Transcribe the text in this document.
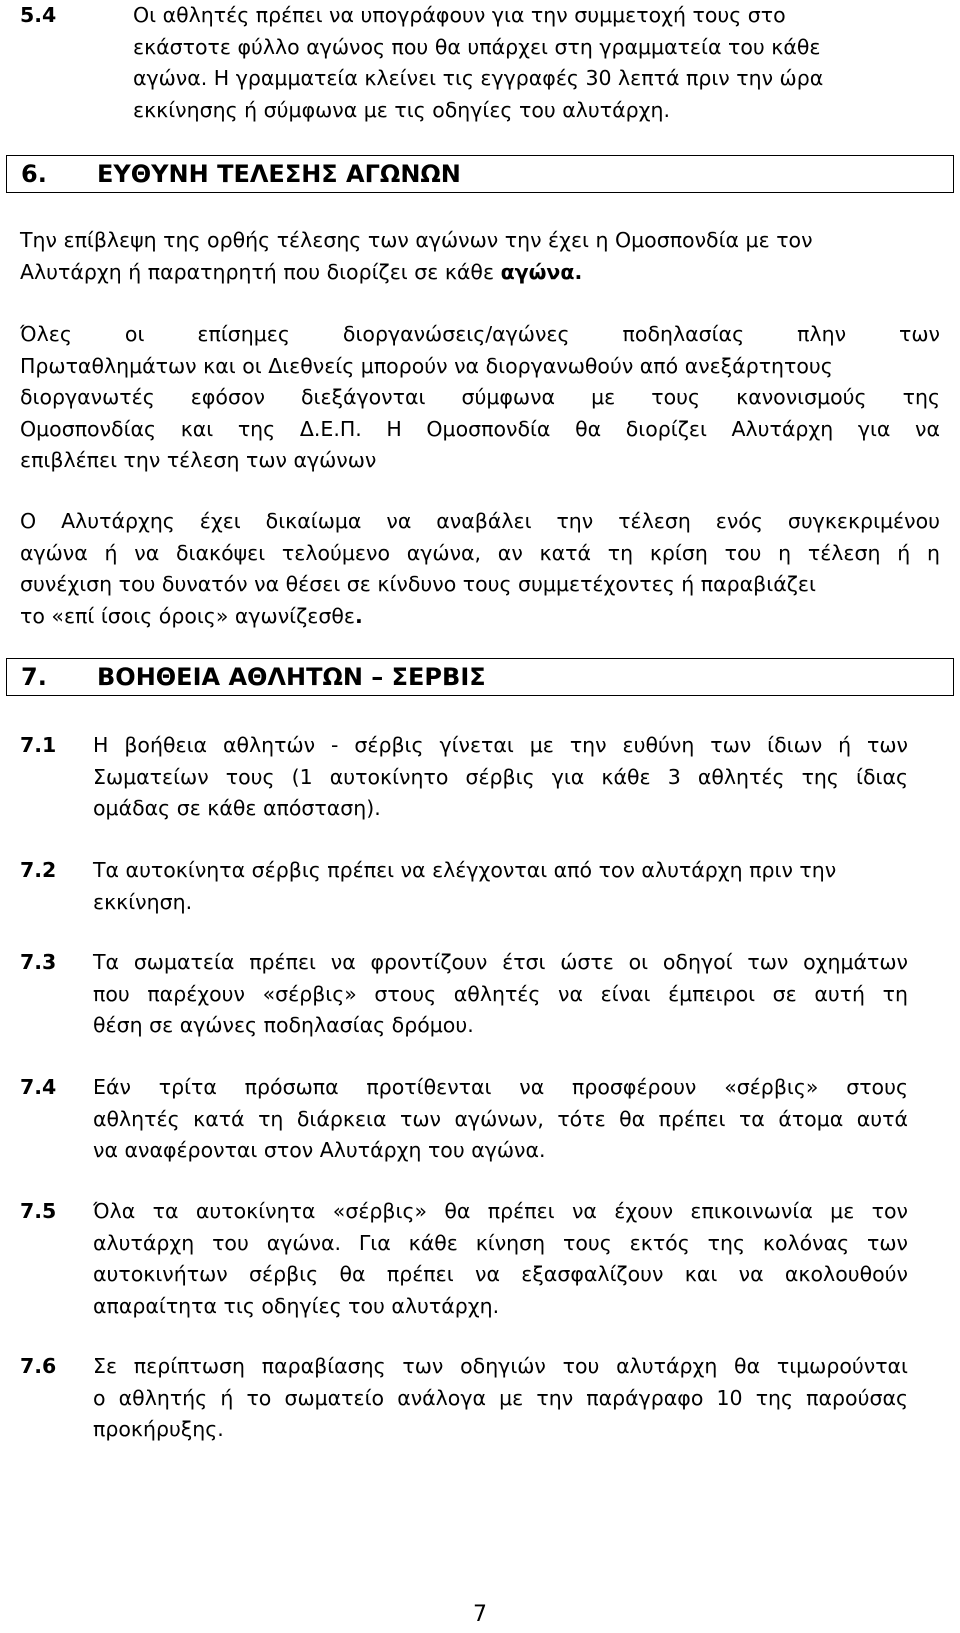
5.4	Οι αθλητές πρέπει να υπογράφουν για την συμμετοχή τους στο

εκάστοτε φύλλο αγώνος που θα υπάρχει στη γραμματεία του κάθε

αγώνα. Η γραμματεία κλείνει τις εγγραφές 30 λεπτά πριν την ώρα

εκκίνησης ή σύμφωνα με τις οδηγίες του αλυτάρχη.

6. ΕΥΘΥΝΗ ΤΕΛΕΣΗΣ ΑΓΩΝΩΝ
Την επίβλεψη της ορθής τέλεσης των αγώνων την έχει η Ομοσπονδία με τον
Αλυτάρχη ή παρατηρητή που διορίζει σε κάθε αγώνα.
Όλες οι επίσημες διοργανώσεις/αγώνες ποδηλασίας πλην των
Πρωταθλημάτων και οι Διεθνείς μπορούν να διοργανωθούν από ανεξάρτητους
διοργανωτές εφόσον διεξάγονται σύμφωνα με τους κανονισμούς της
Ομοσπονδίας και της Δ.Ε.Π. Η Ομοσπονδία θα διορίζει Αλυτάρχη για να
επιβλέπει την τέλεση των αγώνων
Ο Αλυτάρχης έχει δικαίωμα να αναβάλει την τέλεση ενός συγκεκριμένου
αγώνα ή να διακόψει τελούμενο αγώνα, αν κατά τη κρίση του η τέλεση ή η
συνέχιση του δυνατόν να θέσει σε κίνδυνο τους συμμετέχοντες ή παραβιάζει
το «επί ίσοις όροις» αγωνίζεσθε.
7. ΒΟΗΘΕΙΑ ΑΘΛΗΤΩΝ – ΣΕΡΒΙΣ
7.1 Η βοήθεια αθλητών - σέρβις γίνεται με την ευθύνη των ίδιων ή των
Σωματείων τους (1 αυτοκίνητο σέρβις για κάθε 3 αθλητές της ίδιας
ομάδας σε κάθε απόσταση).
7.2 Τα αυτοκίνητα σέρβις πρέπει να ελέγχονται από τον αλυτάρχη πριν την
εκκίνηση.
7.3 Τα σωματεία πρέπει να φροντίζουν έτσι ώστε οι οδηγοί των οχημάτων
που παρέχουν «σέρβις» στους αθλητές να είναι έμπειροι σε αυτή τη
θέση σε αγώνες ποδηλασίας δρόμου.
7.4 Εάν τρίτα πρόσωπα προτίθενται να προσφέρουν «σέρβις» στους
αθλητές κατά τη διάρκεια των αγώνων, τότε θα πρέπει τα άτομα αυτά
να αναφέρονται στον Αλυτάρχη του αγώνα.
7.5 Όλα τα αυτοκίνητα «σέρβις» θα πρέπει να έχουν επικοινωνία με τον
αλυτάρχη του αγώνα. Για κάθε κίνηση τους εκτός της κολόνας των
αυτοκινήτων σέρβις θα πρέπει να εξασφαλίζουν και να ακολουθούν
απαραίτητα τις οδηγίες του αλυτάρχη.
7.6 Σε περίπτωση παραβίασης των οδηγιών του αλυτάρχη θα τιμωρούνται
ο αθλητής ή το σωματείο ανάλογα με την παράγραφο 10 της παρούσας
προκήρυξης.
7
